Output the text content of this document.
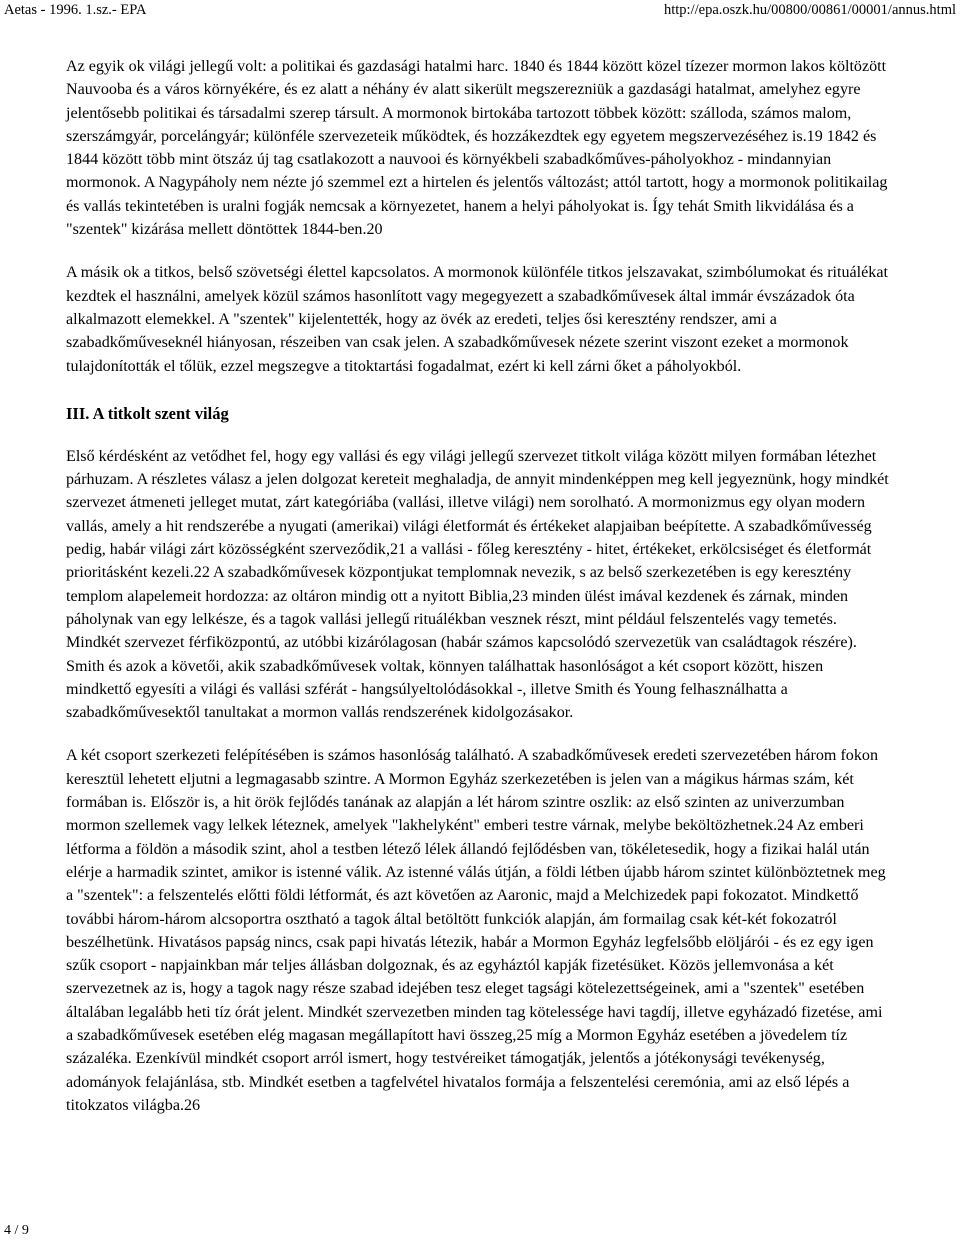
Aetas - 1996. 1.sz.- EPA	http://epa.oszk.hu/00800/00861/00001/annus.html

Az egyik ok világi jellegű volt: a politikai és gazdasági hatalmi harc. 1840 és 1844 között közel tízezer mormon lakos költözött Nauvooba és a város környékére, és ez alatt a néhány év alatt sikerült megszerezniük a gazdasági hatalmat, amelyhez egyre jelentősebb politikai és társadalmi szerep társult. A mormonok birtokába tartozott többek között: szálloda, számos malom, szerszámgyár, porcelángyár; különféle szervezeteik működtek, és hozzákezdtek egy egyetem megszervezéséhez is.19 1842 és 1844 között több mint ötszáz új tag csatlakozott a nauvooi és környékbeli szabadkőműves-páholyokhoz - mindannyian mormonok. A Nagypáholy nem nézte jó szemmel ezt a hirtelen és jelentős változást; attól tartott, hogy a mormonok politikailag és vallás tekintetében is uralni fogják nemcsak a környezetet, hanem a helyi páholyokat is. Így tehát Smith likvidálása és a "szentek" kizárása mellett döntöttek 1844-ben.20

A másik ok a titkos, belső szövetségi élettel kapcsolatos. A mormonok különféle titkos jelszavakat, szimbólumokat és rituálékat kezdtek el használni, amelyek közül számos hasonlított vagy megegyezett a szabadkőművesek által immár évszázadok óta alkalmazott elemekkel. A "szentek" kijelentették, hogy az övék az eredeti, teljes ősi keresztény rendszer, ami a szabadkőműveseknél hiányosan, részeiben van csak jelen. A szabadkőművesek nézete szerint viszont ezeket a mormonok tulajdonították el tőlük, ezzel megszegve a titoktartási fogadalmat, ezért ki kell zárni őket a páholyokból.

III. A titkolt szent világ

Első kérdésként az vetődhet fel, hogy egy vallási és egy világi jellegű szervezet titkolt világa között milyen formában létezhet párhuzam. A részletes válasz a jelen dolgozat kereteit meghaladja, de annyit mindenképpen meg kell jegyeznünk, hogy mindkét szervezet átmeneti jelleget mutat, zárt kategóriába (vallási, illetve világi) nem sorolható. A mormonizmus egy olyan modern vallás, amely a hit rendszerébe a nyugati (amerikai) világi életformát és értékeket alapjaiban beépítette. A szabadkőművesség pedig, habár világi zárt közösségként szerveződik,21 a vallási - főleg keresztény - hitet, értékeket, erkölcsiséget és életformát prioritásként kezeli.22 A szabadkőművesek központjukat templomnak nevezik, s az belső szerkezetében is egy keresztény templom alapelemeit hordozza: az oltáron mindig ott a nyitott Biblia,23 minden ülést imával kezdenek és zárnak, minden páholynak van egy lelkésze, és a tagok vallási jellegű rituálékban vesznek részt, mint például felszentelés vagy temetés. Mindkét szervezet férfiközpontú, az utóbbi kizárólagosan (habár számos kapcsolódó szervezetük van családtagok részére). Smith és azok a követői, akik szabadkőművesek voltak, könnyen találhattak hasonlóságot a két csoport között, hiszen mindkettő egyesíti a világi és vallási szférát - hangsúlyeltolódásokkal -, illetve Smith és Young felhasználhatta a szabadkőművesektől tanultakat a mormon vallás rendszerének kidolgozásakor.

A két csoport szerkezeti felépítésében is számos hasonlóság található. A szabadkőművesek eredeti szervezetében három fokon keresztül lehetett eljutni a legmagasabb szintre. A Mormon Egyház szerkezetében is jelen van a mágikus hármas szám, két formában is. Először is, a hit örök fejlődés tanának az alapján a lét három szintre oszlik: az első szinten az univerzumban mormon szellemek vagy lelkek léteznek, amelyek "lakhelyként" emberi testre várnak, melybe beköltözhetnek.24 Az emberi létforma a földön a második szint, ahol a testben létező lélek állandó fejlődésben van, tökéletesedik, hogy a fizikai halál után elérje a harmadik szintet, amikor is istenné válik. Az istenné válás útján, a földi létben újabb három szintet különböztetnek meg a "szentek": a felszentelés előtti földi létformát, és azt követően az Aaronic, majd a Melchizedek papi fokozatot. Mindkettő további három-három alcsoportra osztható a tagok által betöltött funkciók alapján, ám formailag csak két-két fokozatról beszélhetünk. Hivatásos papság nincs, csak papi hivatás létezik, habár a Mormon Egyház legfelsőbb elöljárói - és ez egy igen szűk csoport - napjainkban már teljes állásban dolgoznak, és az egyháztól kapják fizetésüket. Közös jellemvonása a két szervezetnek az is, hogy a tagok nagy része szabad idejében tesz eleget tagsági kötelezettségeinek, ami a "szentek" esetében általában legalább heti tíz órát jelent. Mindkét szervezetben minden tag kötelessége havi tagdíj, illetve egyházadó fizetése, ami a szabadkőművesek esetében elég magasan megállapított havi összeg,25 míg a Mormon Egyház esetében a jövedelem tíz százaléka. Ezenkívül mindkét csoport arról ismert, hogy testvéreiket támogatják, jelentős a jótékonysági tevékenység, adományok felajánlása, stb. Mindkét esetben a tagfelvétel hivatalos formája a felszentelési ceremónia, ami az első lépés a titokzatos világba.26

4 / 9
